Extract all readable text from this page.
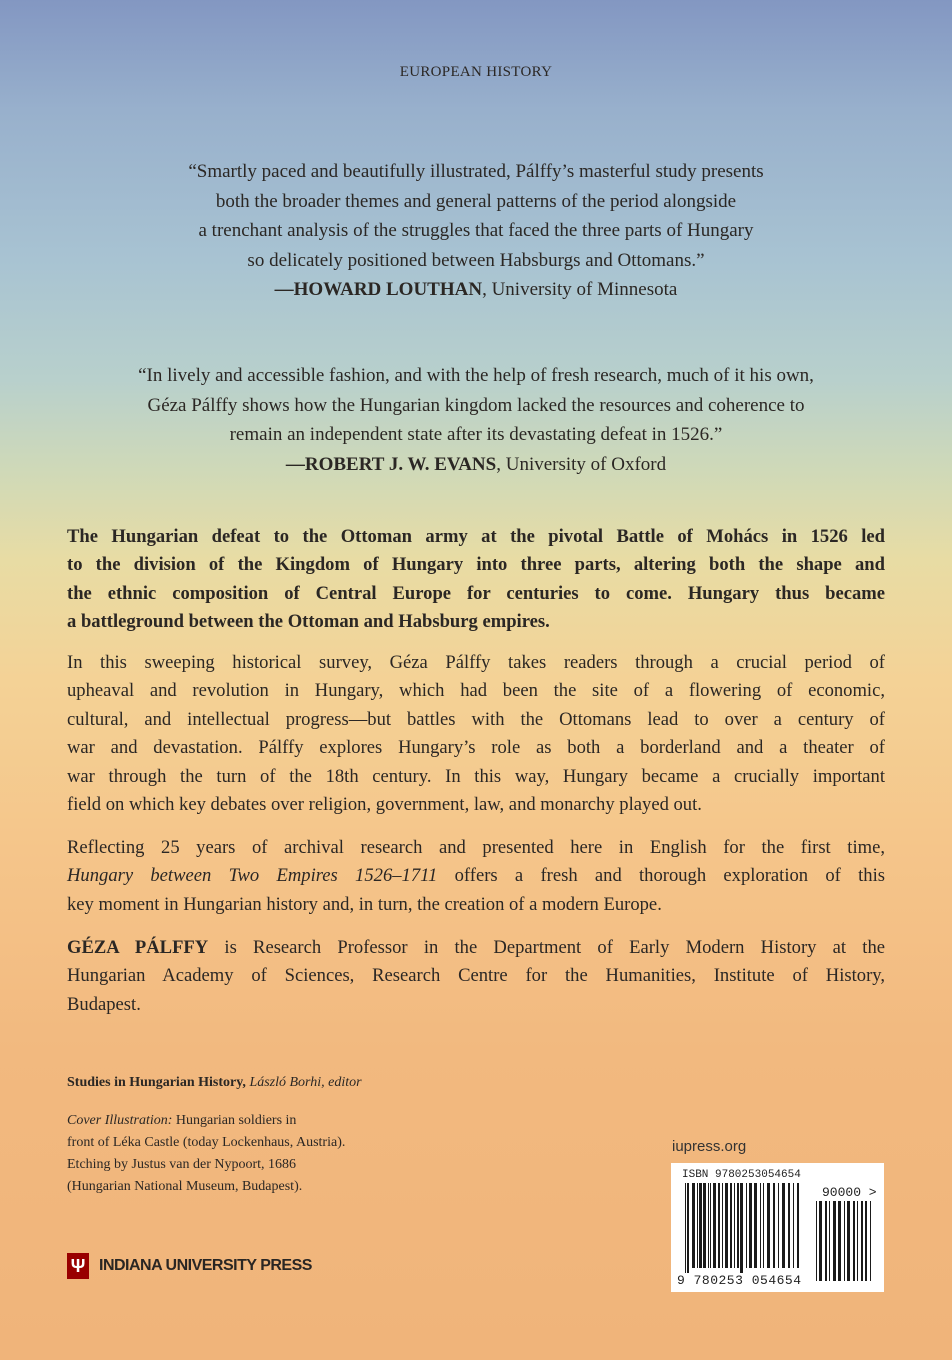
EUROPEAN HISTORY
“Smartly paced and beautifully illustrated, Pálffy’s masterful study presents
both the broader themes and general patterns of the period alongside
a trenchant analysis of the struggles that faced the three parts of Hungary
so delicately positioned between Habsburgs and Ottomans.”
—HOWARD LOUTHAN, University of Minnesota
“In lively and accessible fashion, and with the help of fresh research, much of it his own,
Géza Pálffy shows how the Hungarian kingdom lacked the resources and coherence to
remain an independent state after its devastating defeat in 1526.”
—ROBERT J. W. EVANS, University of Oxford
The Hungarian defeat to the Ottoman army at the pivotal Battle of Mohács in 1526 led
to the division of the Kingdom of Hungary into three parts, altering both the shape and
the ethnic composition of Central Europe for centuries to come. Hungary thus became
a battleground between the Ottoman and Habsburg empires.
In this sweeping historical survey, Géza Pálffy takes readers through a crucial period of
upheaval and revolution in Hungary, which had been the site of a flowering of economic,
cultural, and intellectual progress—but battles with the Ottomans lead to over a century of
war and devastation. Pálffy explores Hungary’s role as both a borderland and a theater of
war through the turn of the 18th century. In this way, Hungary became a crucially important
field on which key debates over religion, government, law, and monarchy played out.
Reflecting 25 years of archival research and presented here in English for the first time,
Hungary between Two Empires 1526–1711 offers a fresh and thorough exploration of this
key moment in Hungarian history and, in turn, the creation of a modern Europe.
GÉZA PÁLFFY is Research Professor in the Department of Early Modern History at the
Hungarian Academy of Sciences, Research Centre for the Humanities, Institute of History,
Budapest.
Studies in Hungarian History, László Borhi, editor
Cover Illustration: Hungarian soldiers in
front of Léka Castle (today Lockenhaus, Austria).
Etching by Justus van der Nypoort, 1686
(Hungarian National Museum, Budapest).
Ψ INDIANA UNIVERSITY PRESS
iupress.org
ISBN 9780253054654
90000 >
9 780253 054654
